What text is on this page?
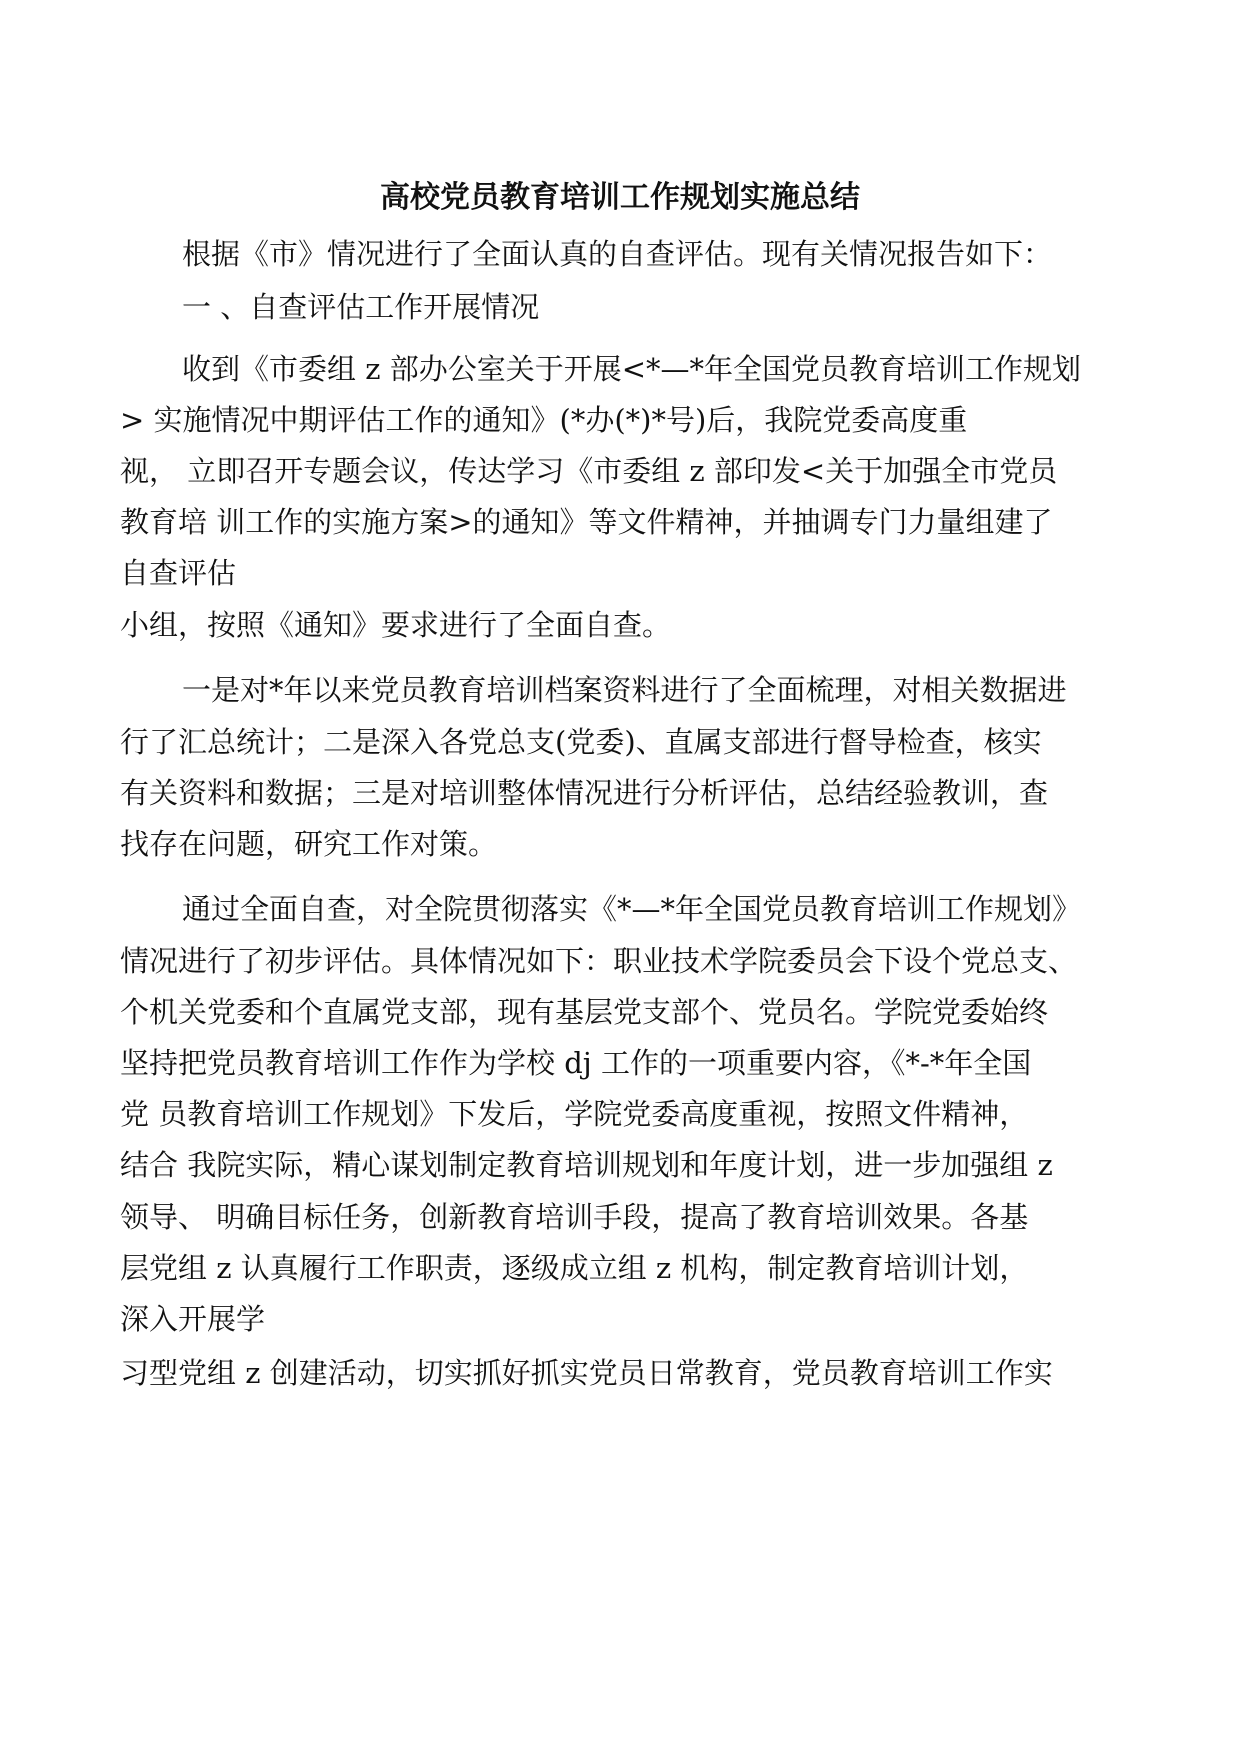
高校党员教育培训工作规划实施总结
根据《市》情况进行了全面认真的自查评估。现有关情况报告如下：
一 、自查评估工作开展情况
收到《市委组 z 部办公室关于开展<*—*年全国党员教育培训工作规划
> 实施情况中期评估工作的通知》(*办(*)*号)后，我院党委高度重
视， 立即召开专题会议，传达学习《市委组 z 部印发<关于加强全市党员
教育培 训工作的实施方案>的通知》等文件精神，并抽调专门力量组建了
自查评估
小组，按照《通知》要求进行了全面自查。
一是对*年以来党员教育培训档案资料进行了全面梳理，对相关数据进
行了汇总统计；二是深入各党总支(党委)、直属支部进行督导检查，核实
有关资料和数据；三是对培训整体情况进行分析评估，总结经验教训，查
找存在问题，研究工作对策。
通过全面自查，对全院贯彻落实《*—*年全国党员教育培训工作规划》
情况进行了初步评估。具体情况如下：职业技术学院委员会下设个党总支、
个机关党委和个直属党支部，现有基层党支部个、党员名。学院党委始终
坚持把党员教育培训工作作为学校 dj 工作的一项重要内容，《*-*年全国
党 员教育培训工作规划》下发后，学院党委高度重视，按照文件精神，
结合 我院实际，精心谋划制定教育培训规划和年度计划，进一步加强组 z
领导、 明确目标任务，创新教育培训手段，提高了教育培训效果。各基
层党组 z 认真履行工作职责，逐级成立组 z 机构，制定教育培训计划，
深入开展学
习型党组 z 创建活动，切实抓好抓实党员日常教育，党员教育培训工作实
